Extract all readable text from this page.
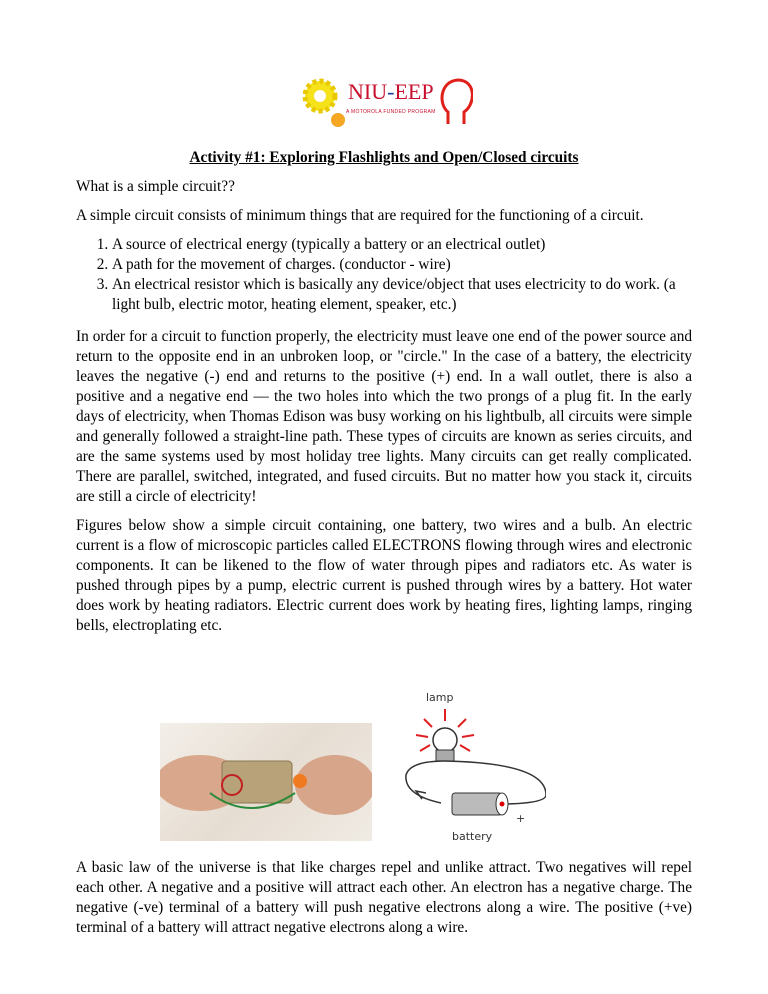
NIU-EEP
A MOTOROLA FUNDED PROGRAM
Activity #1: Exploring Flashlights and Open/Closed circuits

What is a simple circuit??

A simple circuit consists of minimum things that are required for the functioning of a circuit.

1. A source of electrical energy (typically a battery or an electrical outlet)
2. A path for the movement of charges. (conductor - wire)
3. An electrical resistor which is basically any device/object that uses electricity to do work. (a light bulb, electric motor, heating element, speaker, etc.)

In order for a circuit to function properly, the electricity must leave one end of the power source and return to the opposite end in an unbroken loop, or "circle." In the case of a battery, the electricity leaves the negative (-) end and returns to the positive (+) end. In a wall outlet, there is also a positive and a negative end — the two holes into which the two prongs of a plug fit. In the early days of electricity, when Thomas Edison was busy working on his lightbulb, all circuits were simple and generally followed a straight-line path. These types of circuits are known as series circuits, and are the same systems used by most holiday tree lights. Many circuits can get really complicated. There are parallel, switched, integrated, and fused circuits. But no matter how you stack it, circuits are still a circle of electricity!

Figures below show a simple circuit containing, one battery, two wires and a bulb. An electric current is a flow of microscopic particles called ELECTRONS flowing through wires and electronic components. It can be likened to the flow of water through pipes and radiators etc. As water is pushed through pipes by a pump, electric current is pushed through wires by a battery. Hot water does work by heating radiators. Electric current does work by heating fires, lighting lamps, ringing bells, electroplating etc.

lamp
+
battery

A basic law of the universe is that like charges repel and unlike attract. Two negatives will repel each other. A negative and a positive will attract each other. An electron has a negative charge. The negative (-ve) terminal of a battery will push negative electrons along a wire. The positive (+ve) terminal of a battery will attract negative electrons along a wire.
